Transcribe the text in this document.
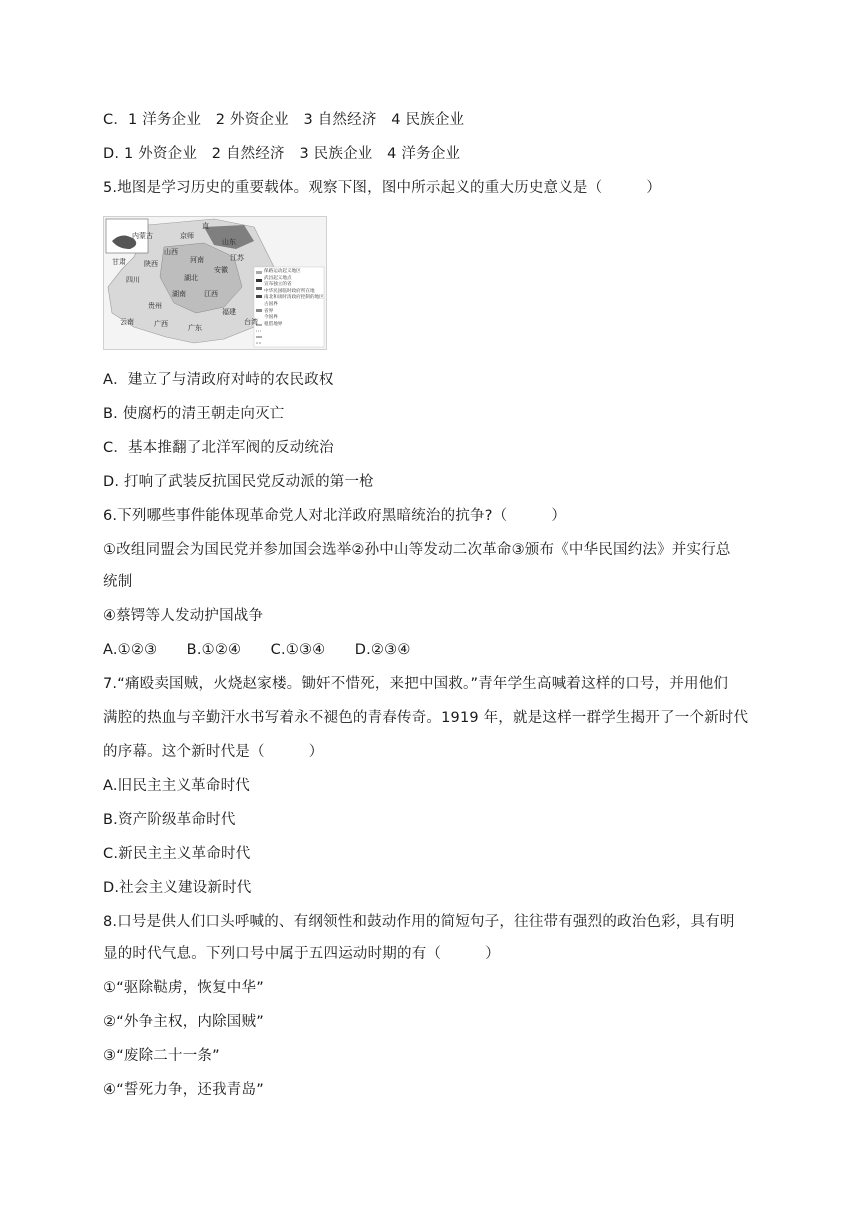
C．1 洋务企业　2 外资企业　3 自然经济　4 民族企业
D. 1 外资企业　2 自然经济　3 民族企业　4 洋务企业
5.地图是学习历史的重要载体。观察下图，图中所示起义的重大历史意义是（　　　）
内蒙古
直
京师
山东
河南
山西
湖北
安徽
四川
湖南	江西
贵州
广西	广东
福建
江苏
云南	台湾
甘肃	陕西
保路运动起义地区
武昌起义地点
宣布独立的省
中华民国临时政府所在地
南北和谈时清政府控制的地区
古国界
省界
今国界
租借地界
A．建立了与清政府对峙的农民政权
B. 使腐朽的清王朝走向灭亡
C．基本推翻了北洋军阀的反动统治
D. 打响了武装反抗国民党反动派的第一枪
6.下列哪些事件能体现革命党人对北洋政府黑暗统治的抗争?（　　　）
①改组同盟会为国民党并参加国会选举②孙中山等发动二次革命③颁布《中华民国约法》并实行总
统制
④蔡锷等人发动护国战争
A.①②③　　B.①②④　　C.①③④　　D.②③④
7.“痛殴卖国贼，火烧赵家楼。锄奸不惜死，来把中国救。”青年学生高喊着这样的口号，并用他们
满腔的热血与辛勤汗水书写着永不褪色的青春传奇。1919 年，就是这样一群学生揭开了一个新时代
的序幕。这个新时代是（　　　）
A.旧民主主义革命时代
B.资产阶级革命时代
C.新民主主义革命时代
D.社会主义建设新时代
8.口号是供人们口头呼喊的、有纲领性和鼓动作用的简短句子，往往带有强烈的政治色彩，具有明
显的时代气息。下列口号中属于五四运动时期的有（　　　）
①“驱除鞑虏，恢复中华”
②“外争主权，内除国贼”
③“废除二十一条”
④“誓死力争，还我青岛”
